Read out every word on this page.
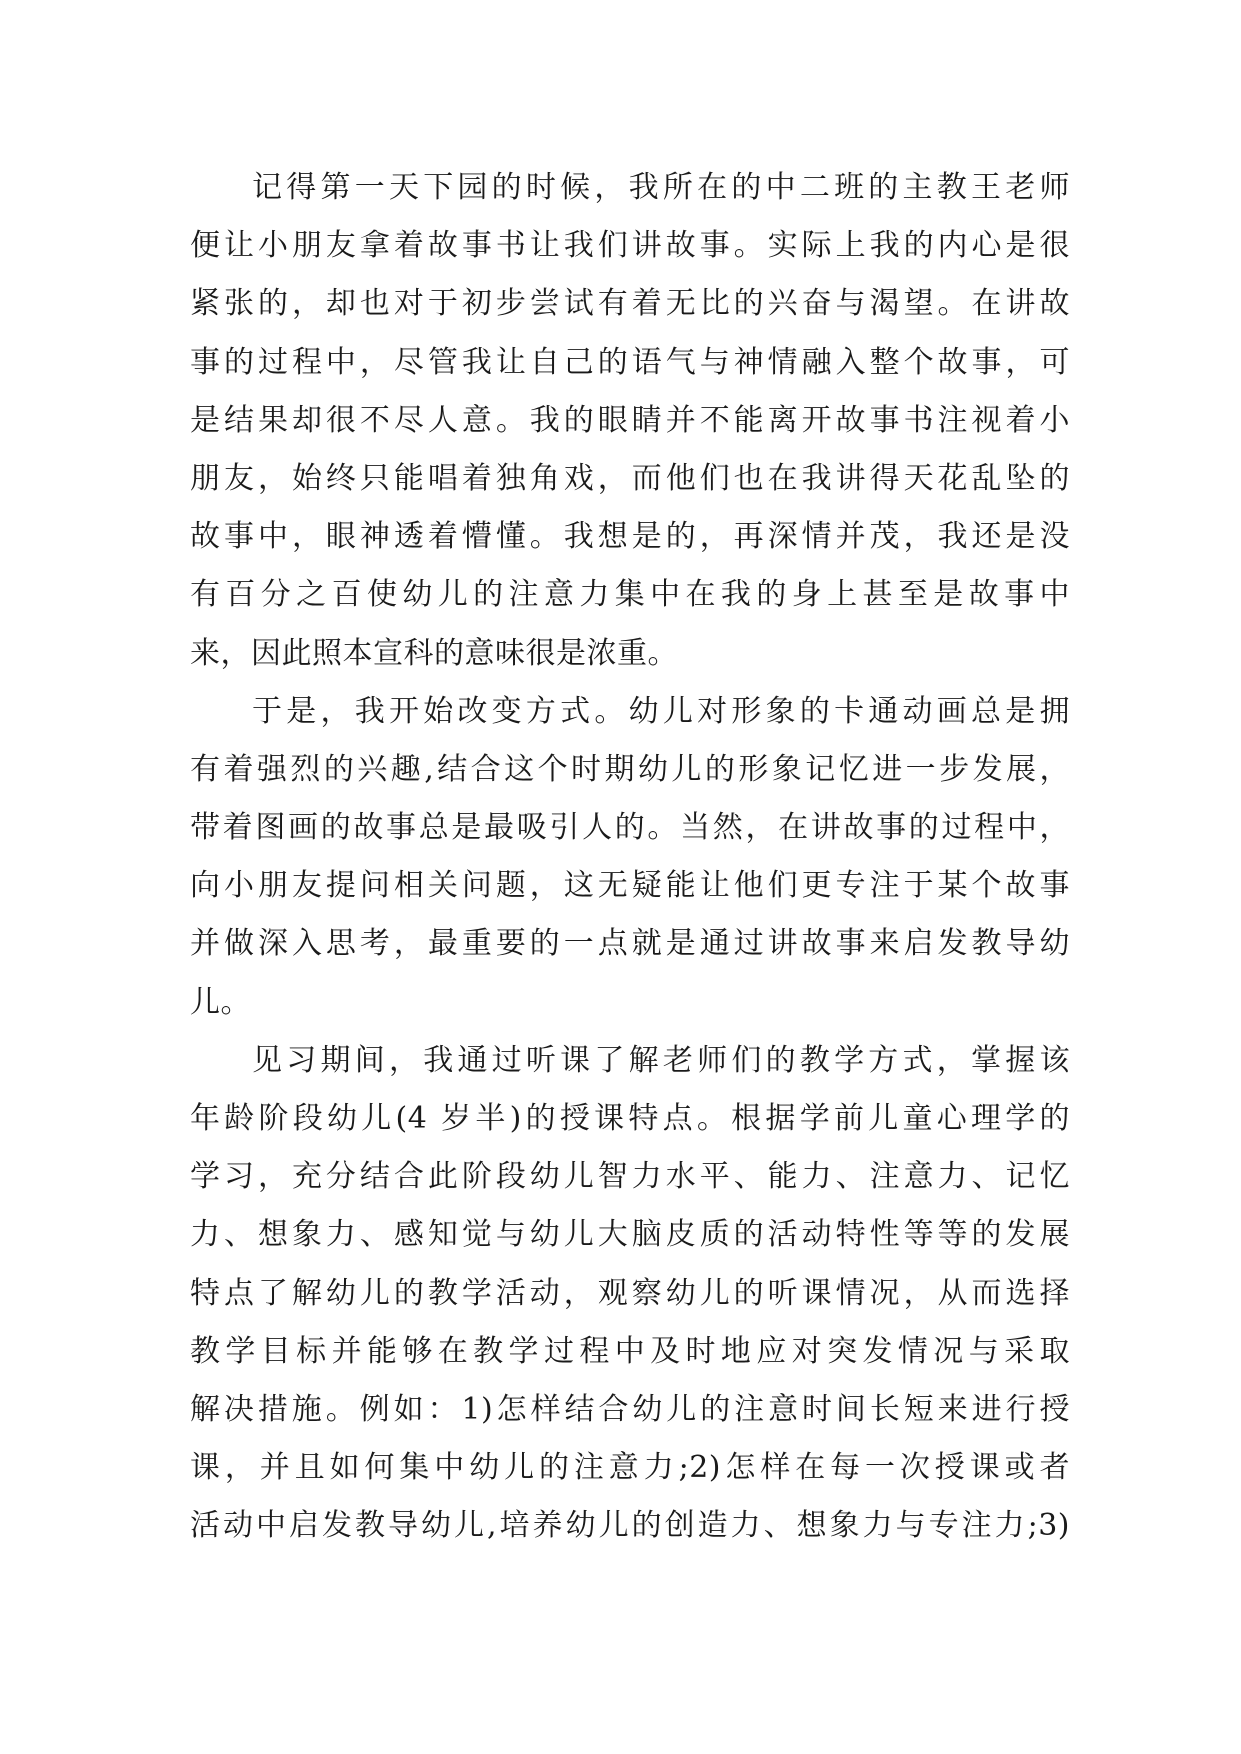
记得第一天下园的时候，我所在的中二班的主教王老师
便让小朋友拿着故事书让我们讲故事。实际上我的内心是很
紧张的，却也对于初步尝试有着无比的兴奋与渴望。在讲故
事的过程中，尽管我让自己的语气与神情融入整个故事，可
是结果却很不尽人意。我的眼睛并不能离开故事书注视着小
朋友，始终只能唱着独角戏，而他们也在我讲得天花乱坠的
故事中，眼神透着懵懂。我想是的，再深情并茂，我还是没
有百分之百使幼儿的注意力集中在我的身上甚至是故事中
来，因此照本宣科的意味很是浓重。
于是，我开始改变方式。幼儿对形象的卡通动画总是拥
有着强烈的兴趣,结合这个时期幼儿的形象记忆进一步发展，
带着图画的故事总是最吸引人的。当然，在讲故事的过程中，
向小朋友提问相关问题，这无疑能让他们更专注于某个故事
并做深入思考，最重要的一点就是通过讲故事来启发教导幼
儿。
见习期间，我通过听课了解老师们的教学方式，掌握该
年龄阶段幼儿(4 岁半)的授课特点。根据学前儿童心理学的
学习，充分结合此阶段幼儿智力水平、能力、注意力、记忆
力、想象力、感知觉与幼儿大脑皮质的活动特性等等的发展
特点了解幼儿的教学活动，观察幼儿的听课情况，从而选择
教学目标并能够在教学过程中及时地应对突发情况与采取
解决措施。例如：1)怎样结合幼儿的注意时间长短来进行授
课，并且如何集中幼儿的注意力;2)怎样在每一次授课或者
活动中启发教导幼儿,培养幼儿的创造力、想象力与专注力;3)
